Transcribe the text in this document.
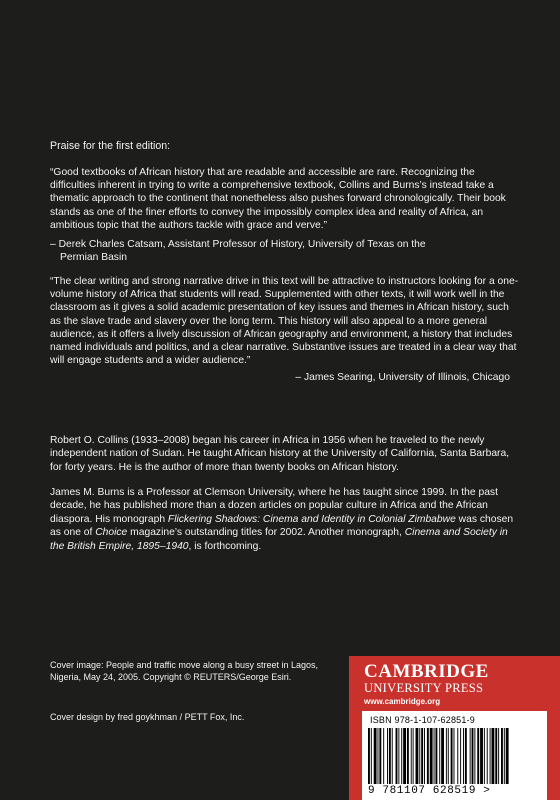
Praise for the first edition:

“Good textbooks of African history that are readable and accessible are rare. Recognizing the difficulties inherent in trying to write a comprehensive textbook, Collins and Burns’s instead take a thematic approach to the continent that nonetheless also pushes forward chronologically. Their book stands as one of the finer efforts to convey the impossibly complex idea and reality of Africa, an ambitious topic that the authors tackle with grace and verve.”

– Derek Charles Catsam, Assistant Professor of History, University of Texas on the
Permian Basin

“The clear writing and strong narrative drive in this text will be attractive to instructors looking for a one-volume history of Africa that students will read. Supplemented with other texts, it will work well in the classroom as it gives a solid academic presentation of key issues and themes in African history, such as the slave trade and slavery over the long term. This history will also appeal to a more general audience, as it offers a lively discussion of African geography and environment, a history that includes named individuals and politics, and a clear narrative. Substantive issues are treated in a clear way that will engage students and a wider audience.”

– James Searing, University of Illinois, Chicago

Robert O. Collins (1933–2008) began his career in Africa in 1956 when he traveled to the newly independent nation of Sudan. He taught African history at the University of California, Santa Barbara, for forty years. He is the author of more than twenty books on African history.

James M. Burns is a Professor at Clemson University, where he has taught since 1999. In the past decade, he has published more than a dozen articles on popular culture in Africa and the African diaspora. His monograph Flickering Shadows: Cinema and Identity in Colonial Zimbabwe was chosen as one of Choice magazine’s outstanding titles for 2002. Another monograph, Cinema and Society in the British Empire, 1895–1940, is forthcoming.

Cover image: People and traffic move along a busy street in Lagos, Nigeria, May 24, 2005. Copyright © REUTERS/George Esiri.

Cover design by fred goykhman / PETT Fox, Inc.

CAMBRIDGE
UNIVERSITY PRESS
www.cambridge.org
ISBN 978-1-107-62851-9
9 781107 628519 >
